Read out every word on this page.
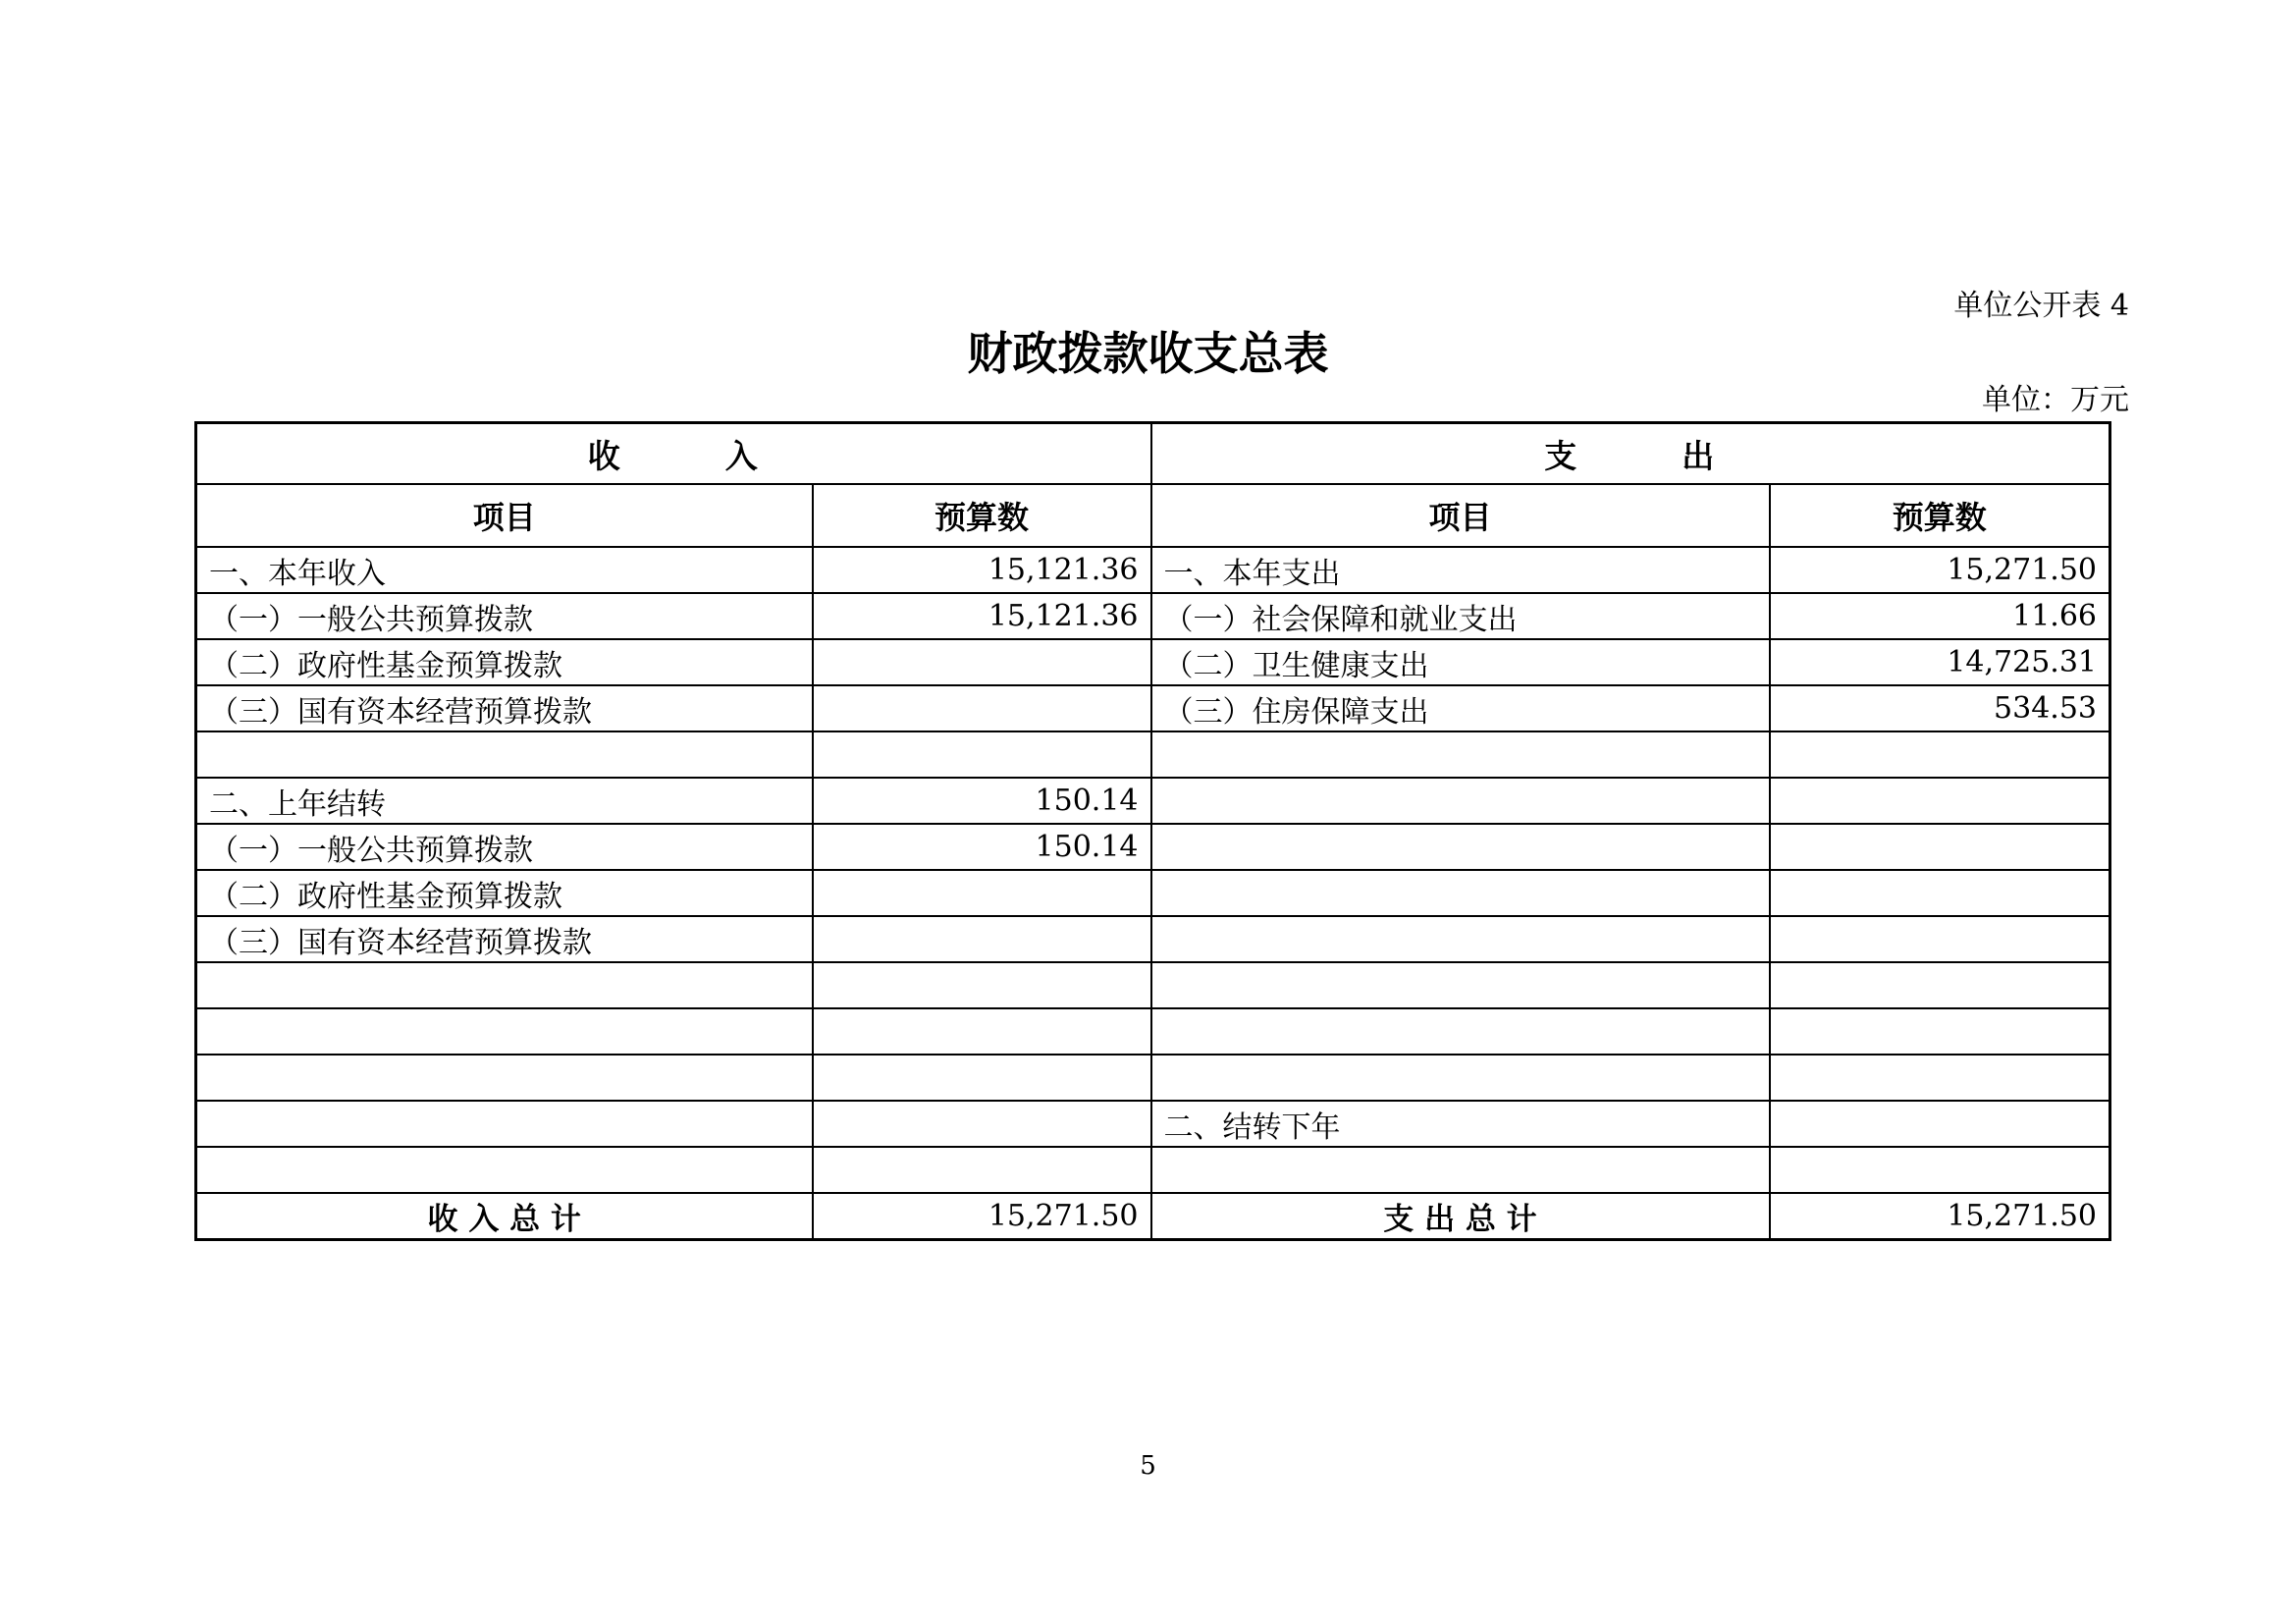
单位公开表 4
财政拨款收支总表
单位：万元
收　　　入		支　　　出	
项目	预算数	项目	预算数
一、本年收入	15,121.36	一、本年支出	15,271.50
（一）一般公共预算拨款	15,121.36	（一）社会保障和就业支出	11.66
（二）政府性基金预算拨款		（二）卫生健康支出	14,725.31
（三）国有资本经营预算拨款		（三）住房保障支出	534.53

二、上年结转	150.14		
（一）一般公共预算拨款	150.14		
（二）政府性基金预算拨款			
（三）国有资本经营预算拨款			

		二、结转下年	

收 入 总 计	15,271.50	支 出 总 计	15,271.50
5
